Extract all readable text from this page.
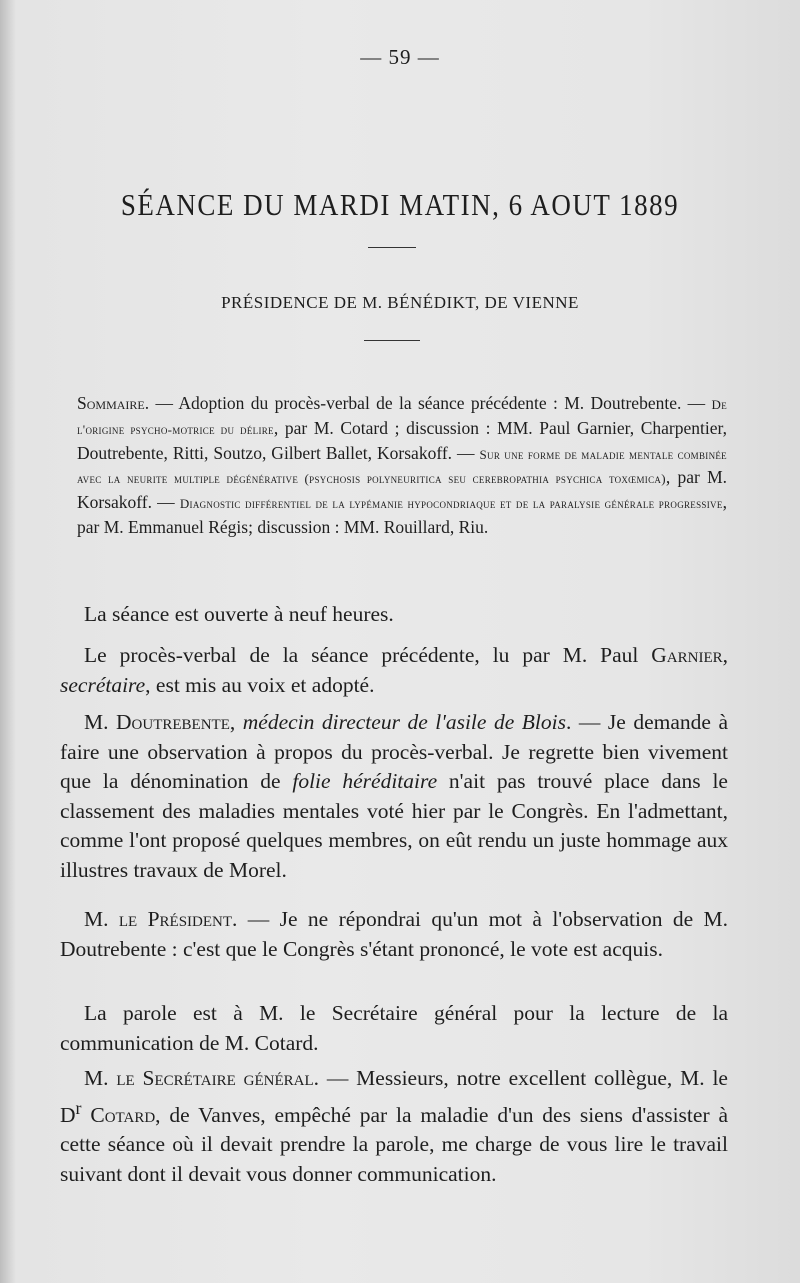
— 59 —
SÉANCE DU MARDI MATIN, 6 AOUT 1889
PRÉSIDENCE DE M. BÉNÉDIKT, DE VIENNE
Sommaire. — Adoption du procès-verbal de la séance précédente : M. Doutrebente. — De l'origine psycho-motrice du délire, par M. Cotard ; discussion : MM. Paul Garnier, Charpentier, Doutrebente, Ritti, Soutzo, Gilbert Ballet, Korsakoff. — Sur une forme de maladie mentale combinée avec la neurite multiple dégénérative (psychosis polyneuritica seu cerebropathia psychica toxœmica), par M. Korsakoff. — Diagnostic différentiel de la lypémanie hypocondriaque et de la paralysie générale progressive, par M. Emmanuel Régis; discussion : MM. Rouillard, Riu.

La séance est ouverte à neuf heures.

Le procès-verbal de la séance précédente, lu par M. Paul Garnier, secrétaire, est mis au voix et adopté.

M. Doutrebente, médecin directeur de l'asile de Blois. — Je demande à faire une observation à propos du procès-verbal. Je regrette bien vivement que la dénomination de folie héréditaire n'ait pas trouvé place dans le classement des maladies mentales voté hier par le Congrès. En l'admettant, comme l'ont proposé quelques membres, on eût rendu un juste hommage aux illustres travaux de Morel.

M. le Président. — Je ne répondrai qu'un mot à l'observation de M. Doutrebente : c'est que le Congrès s'étant prononcé, le vote est acquis.

La parole est à M. le Secrétaire général pour la lecture de la communication de M. Cotard.

M. le Secrétaire général. — Messieurs, notre excellent collègue, M. le $D^r$ Cotard, de Vanves, empêché par la maladie d'un des siens d'assister à cette séance où il devait prendre la parole, me charge de vous lire le travail suivant dont il devait vous donner communication.
